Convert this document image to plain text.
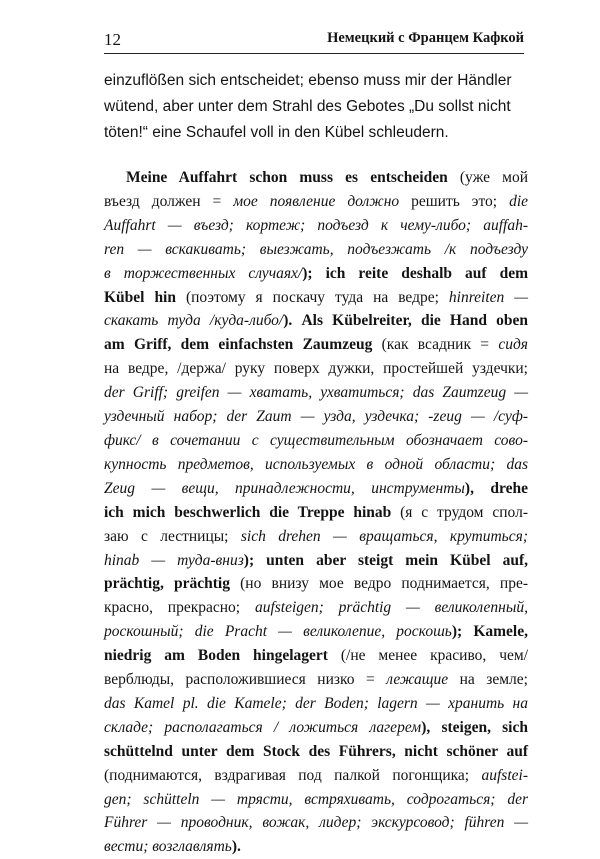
12	Немецкий с Францем Кафкой
einzuflößen sich entscheidet; ebenso muss mir der Händler
wütend, aber unter dem Strahl des Gebotes „Du sollst nicht
töten!“ eine Schaufel voll in den Kübel schleudern.
Meine Auffahrt schon muss es entscheiden (уже мой
въезд должен = мое появление должно решить это; die
Auffahrt — въезд; кортеж; подъезд к чему-либо; auffah-
ren — вскакивать; выезжать, подъезжать /к подъезду
в торжественных случаях/); ich reite deshalb auf dem
Kübel hin (поэтому я поскачу туда на ведре; hinreiten —
скакать туда /куда-либо/). Als Kübelreiter, die Hand oben
am Griff, dem einfachsten Zaumzeug (как всадник = сидя
на ведре, /держа/ руку поверх дужки, простейшей уздечки;
der Griff; greifen — хватать, ухватиться; das Zaumzeug —
уздечный набор; der Zaum — узда, уздечка; -zeug — /суф-
фикс/ в сочетании с существительным обозначает сово-
купность предметов, используемых в одной области; das
Zeug — вещи, принадлежности, инструменты), drehe
ich mich beschwerlich die Treppe hinab (я с трудом спол-
заю с лестницы; sich drehen — вращаться, крутиться;
hinab — туда-вниз); unten aber steigt mein Kübel auf,
prächtig, prächtig (но внизу мое ведро поднимается, пре-
красно, прекрасно; aufsteigen; prächtig — великолепный,
роскошный; die Pracht — великолепие, роскошь); Kamele,
niedrig am Boden hingelagert (/не менее красиво, чем/
верблюды, расположившиеся низко = лежащие на земле;
das Kamel pl. die Kamele; der Boden; lagern — хранить на
складе; располагаться / ложиться лагерем), steigen, sich
schüttelnd unter dem Stock des Führers, nicht schöner auf
(поднимаются, вздрагивая под палкой погонщика; aufstei-
gen; schütteln — трясти, встряхивать, содрогаться; der
Führer — проводник, вожак, лидер; экскурсовод; führen —
вести; возглавлять).
